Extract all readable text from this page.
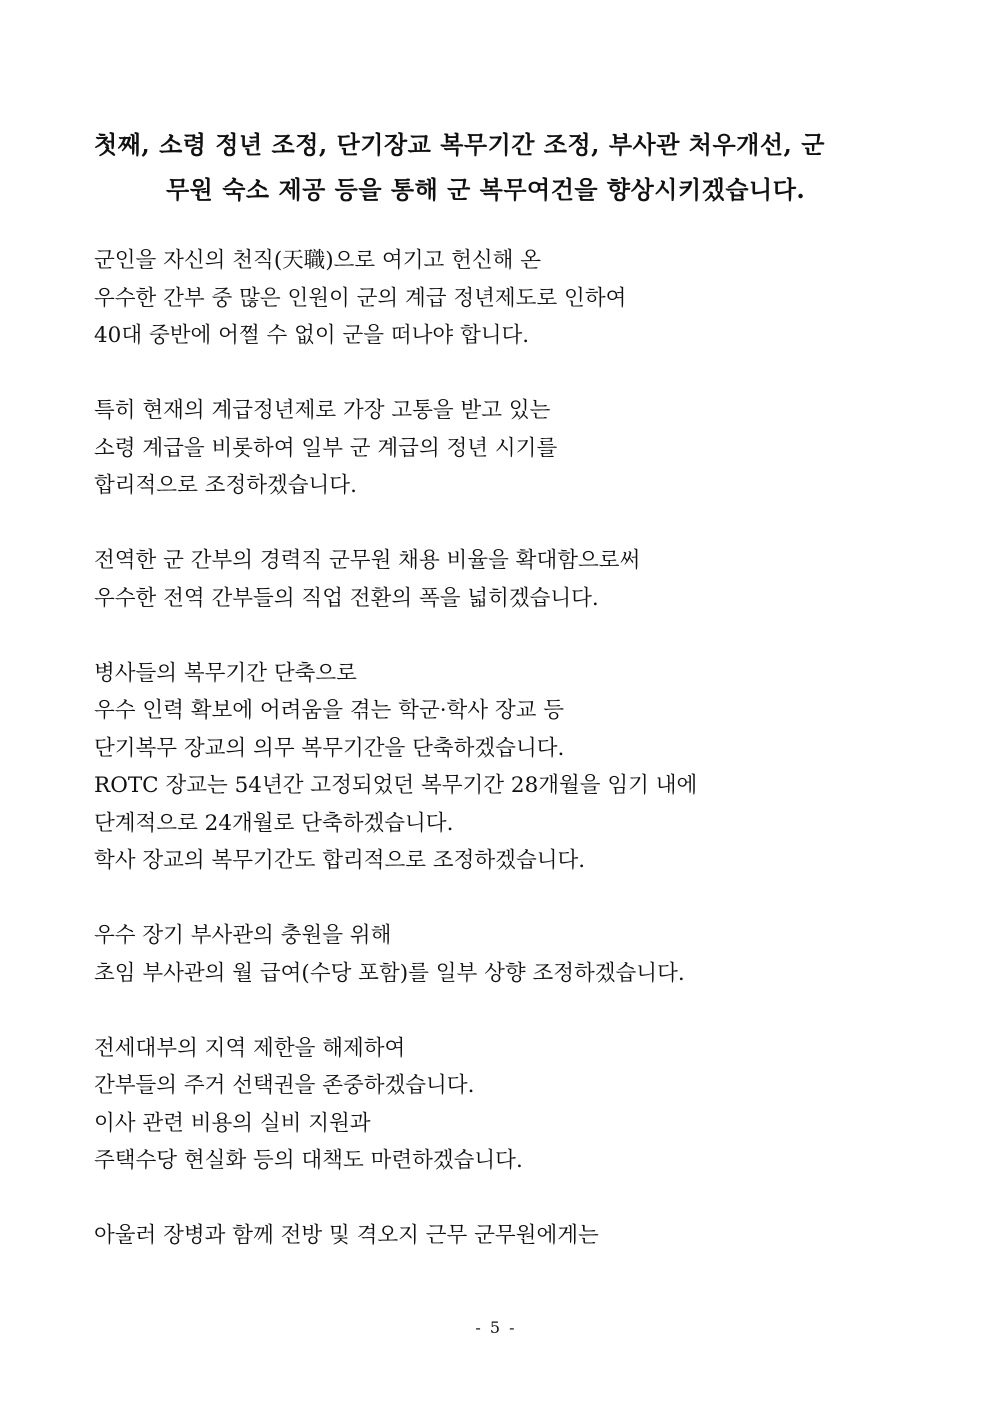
첫째, 소령 정년 조정, 단기장교 복무기간 조정, 부사관 처우개선, 군
무원 숙소 제공 등을 통해 군 복무여건을 향상시키겠습니다.
군인을 자신의 천직(天職)으로 여기고 헌신해 온
우수한 간부 중 많은 인원이 군의 계급 정년제도로 인하여
40대 중반에 어쩔 수 없이 군을 떠나야 합니다.
특히 현재의 계급정년제로 가장 고통을 받고 있는
소령 계급을 비롯하여 일부 군 계급의 정년 시기를
합리적으로 조정하겠습니다.
전역한 군 간부의 경력직 군무원 채용 비율을 확대함으로써
우수한 전역 간부들의 직업 전환의 폭을 넓히겠습니다.
병사들의 복무기간 단축으로
우수 인력 확보에 어려움을 겪는 학군·학사 장교 등
단기복무 장교의 의무 복무기간을 단축하겠습니다.
ROTC 장교는 54년간 고정되었던 복무기간 28개월을 임기 내에
단계적으로 24개월로 단축하겠습니다.
학사 장교의 복무기간도 합리적으로 조정하겠습니다.
우수 장기 부사관의 충원을 위해
초임 부사관의 월 급여(수당 포함)를 일부 상향 조정하겠습니다.
전세대부의 지역 제한을 해제하여
간부들의 주거 선택권을 존중하겠습니다.
이사 관련 비용의 실비 지원과
주택수당 현실화 등의 대책도 마련하겠습니다.
아울러 장병과 함께 전방 및 격오지 근무 군무원에게는
- 5 -
